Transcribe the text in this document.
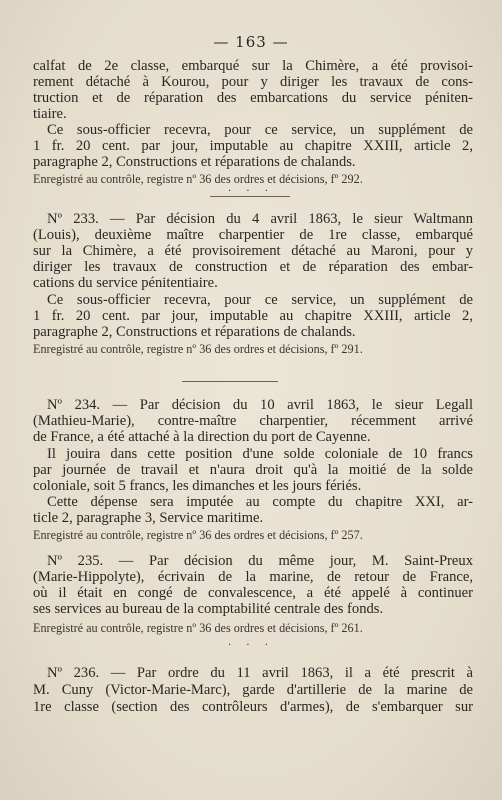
— 163 —
calfat de 2e classe, embarqué sur la Chimère, a été provisoi-
rement détaché à Kourou, pour y diriger les travaux de cons-
truction et de réparation des embarcations du service péniten-
tiaire.
Ce sous-officier recevra, pour ce service, un supplément de
1 fr. 20 cent. par jour, imputable au chapitre XXIII, article 2,
paragraphe 2, Constructions et réparations de chalands.
Enregistré au contrôle, registre nº 36 des ordres et décisions, fº 292.
· · ·
Nº 233. — Par décision du 4 avril 1863, le sieur Waltmann
(Louis), deuxième maître charpentier de 1re classe, embarqué
sur la Chimère, a été provisoirement détaché au Maroni, pour y
diriger les travaux de construction et de réparation des embar-
cations du service pénitentiaire.
Ce sous-officier recevra, pour ce service, un supplément de
1 fr. 20 cent. par jour, imputable au chapitre XXIII, article 2,
paragraphe 2, Constructions et réparations de chalands.
Enregistré au contrôle, registre nº 36 des ordres et décisions, fº 291.
Nº 234. — Par décision du 10 avril 1863, le sieur Legall
(Mathieu-Marie), contre-maître charpentier, récemment arrivé
de France, a été attaché à la direction du port de Cayenne.
Il jouira dans cette position d'une solde coloniale de 10 francs
par journée de travail et n'aura droit qu'à la moitié de la solde
coloniale, soit 5 francs, les dimanches et les jours fériés.
Cette dépense sera imputée au compte du chapitre XXI, ar-
ticle 2, paragraphe 3, Service maritime.
Enregistré au contrôle, registre nº 36 des ordres et décisions, fº 257.
Nº 235. — Par décision du même jour, M. Saint-Preux
(Marie-Hippolyte), écrivain de la marine, de retour de France,
où il était en congé de convalescence, a été appelé à continuer
ses services au bureau de la comptabilité centrale des fonds.
Enregistré au contrôle, registre nº 36 des ordres et décisions, fº 261.
· · ·
Nº 236. — Par ordre du 11 avril 1863, il a été prescrit à
M. Cuny (Victor-Marie-Marc), garde d'artillerie de la marine de
1re classe (section des contrôleurs d'armes), de s'embarquer sur
